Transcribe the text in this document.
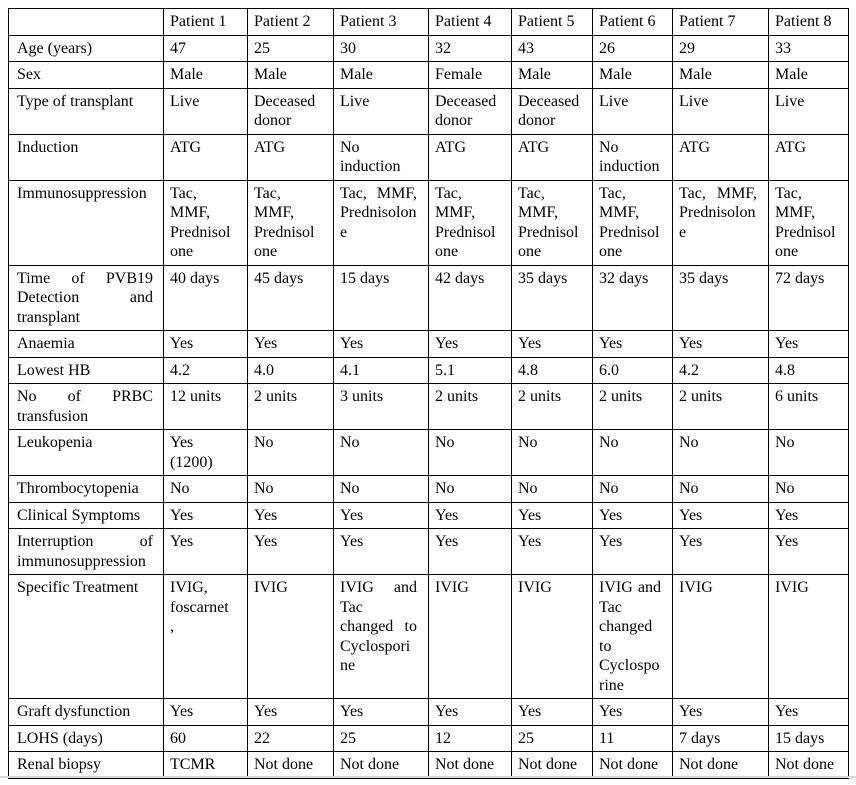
	Patient 1	Patient 2	Patient 3	Patient 4	Patient 5	Patient 6	Patient 7	Patient 8
Age (years)	47	25	30	32	43	26	29	33
Sex	Male	Male	Male	Female	Male	Male	Male	Male
Type of transplant	Live	Deceased donor	Live	Deceased donor	Deceased donor	Live	Live	Live
Induction	ATG	ATG	No induction	ATG	ATG	No induction	ATG	ATG
Immunosuppression	Tac, MMF, Prednisolone	Tac, MMF, Prednisolone	Tac, MMF, Prednisolone	Tac, MMF, Prednisolone	Tac, MMF, Prednisolone	Tac, MMF, Prednisolone	Tac, MMF, Prednisolone	Tac, MMF, Prednisolone
Time of PVB19 Detection and transplant	40 days	45 days	15 days	42 days	35 days	32 days	35 days	72 days
Anaemia	Yes	Yes	Yes	Yes	Yes	Yes	Yes	Yes
Lowest HB	4.2	4.0	4.1	5.1	4.8	6.0	4.2	4.8
No of PRBC transfusion	12 units	2 units	3 units	2 units	2 units	2 units	2 units	6 units
Leukopenia	Yes (1200)	No	No	No	No	No	No	No
Thrombocytopenia	No	No	No	No	No	No	No	No
Clinical Symptoms	Yes	Yes	Yes	Yes	Yes	Yes	Yes	Yes
Interruption of immunosuppression	Yes	Yes	Yes	Yes	Yes	Yes	Yes	Yes
Specific Treatment	IVIG, foscarnet ,	IVIG	IVIG and Tac changed to Cyclosporine	IVIG	IVIG	IVIG and Tac changed to Cyclosporine	IVIG	IVIG
Graft dysfunction	Yes	Yes	Yes	Yes	Yes	Yes	Yes	Yes
LOHS (days)	60	22	25	12	25	11	7 days	15 days
Renal biopsy	TCMR	Not done	Not done	Not done	Not done	Not done	Not done	Not done
